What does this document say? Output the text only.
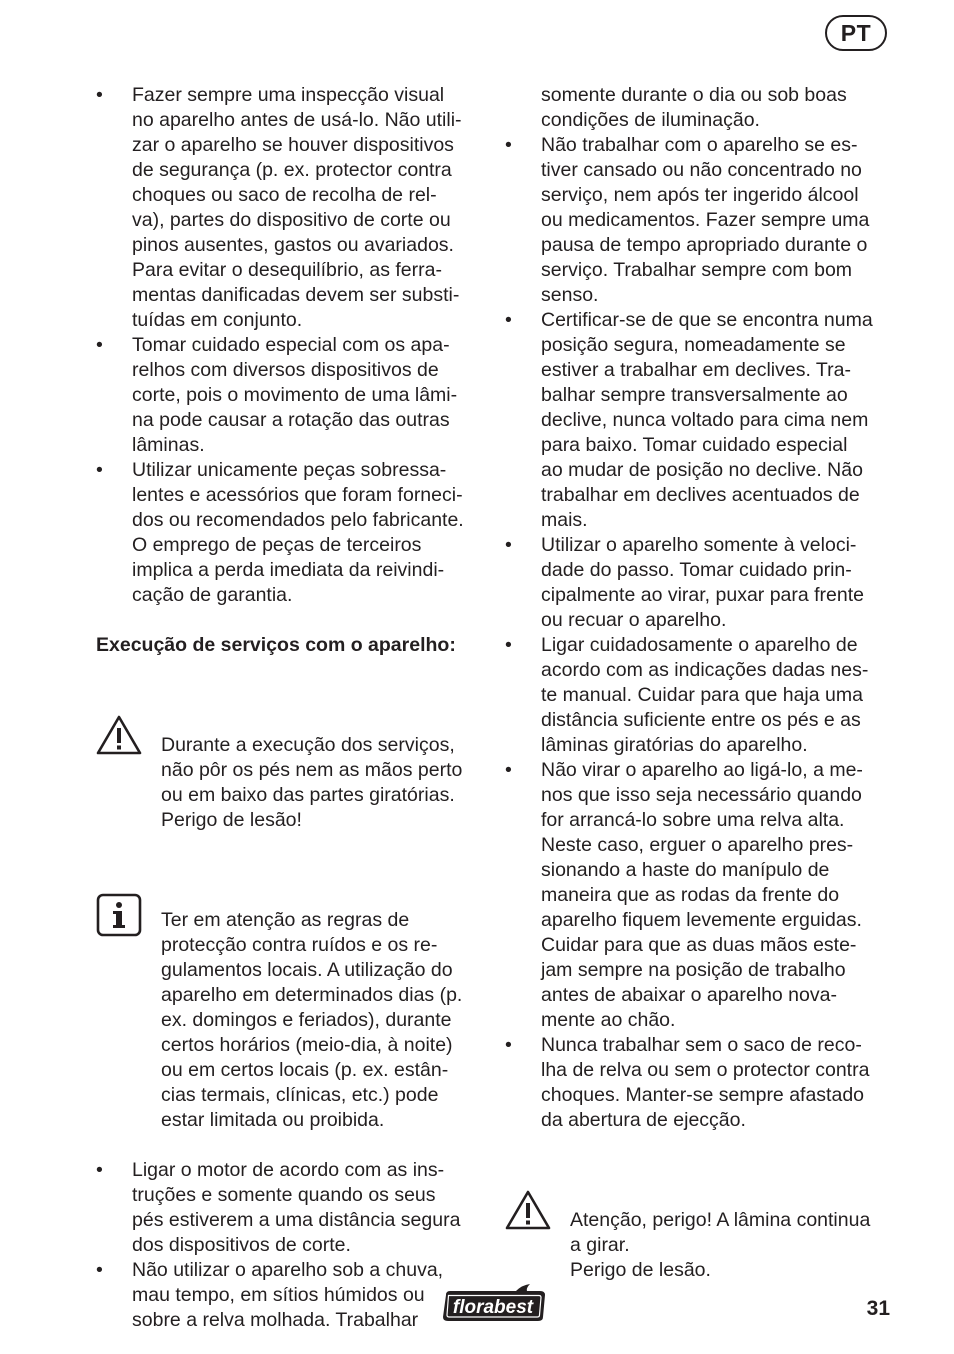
PT
• Fazer sempre uma inspecção visual
no aparelho antes de usá-lo. Não utili-
zar o aparelho se houver dispositivos
de segurança (p. ex. protector contra
choques ou saco de recolha de rel-
va), partes do dispositivo de corte ou
pinos ausentes, gastos ou avariados.
Para evitar o desequilíbrio, as ferra-
mentas danificadas devem ser substi-
tuídas em conjunto.
• Tomar cuidado especial com os apa-
relhos com diversos dispositivos de
corte, pois o movimento de uma lâmi-
na pode causar a rotação das outras
lâminas.
• Utilizar unicamente peças sobressa-
lentes e acessórios que foram forneci-
dos ou recomendados pelo fabricante.
O emprego de peças de terceiros
implica a perda imediata da reivindi-
cação de garantia.
Execução de serviços com o aparelho:

Durante a execução dos serviços,
não pôr os pés nem as mãos perto
ou em baixo das partes giratórias.
Perigo de lesão!

Ter em atenção as regras de
protecção contra ruídos e os re-
gulamentos locais. A utilização do
aparelho em determinados dias (p.
ex. domingos e feriados), durante
certos horários (meio-dia, à noite)
ou em certos locais (p. ex. estân-
cias termais, clínicas, etc.) pode
estar limitada ou proibida.

• Ligar o motor de acordo com as ins-
truções e somente quando os seus
pés estiverem a uma distância segura
dos dispositivos de corte.
• Não utilizar o aparelho sob a chuva,
mau tempo, em sítios húmidos ou
sobre a relva molhada. Trabalhar
somente durante o dia ou sob boas
condições de iluminação.
• Não trabalhar com o aparelho se es-
tiver cansado ou não concentrado no
serviço, nem após ter ingerido álcool
ou medicamentos. Fazer sempre uma
pausa de tempo apropriado durante o
serviço. Trabalhar sempre com bom
senso.
• Certificar-se de que se encontra numa
posição segura, nomeadamente se
estiver a trabalhar em declives. Tra-
balhar sempre transversalmente ao
declive, nunca voltado para cima nem
para baixo. Tomar cuidado especial
ao mudar de posição no declive. Não
trabalhar em declives acentuados de
mais.
• Utilizar o aparelho somente à veloci-
dade do passo. Tomar cuidado prin-
cipalmente ao virar, puxar para frente
ou recuar o aparelho.
• Ligar cuidadosamente o aparelho de
acordo com as indicações dadas nes-
te manual. Cuidar para que haja uma
distância suficiente entre os pés e as
lâminas giratórias do aparelho.
• Não virar o aparelho ao ligá-lo, a me-
nos que isso seja necessário quando
for arrancá-lo sobre uma relva alta.
Neste caso, erguer o aparelho pres-
sionando a haste do manípulo de
maneira que as rodas da frente do
aparelho fiquem levemente erguidas.
Cuidar para que as duas mãos este-
jam sempre na posição de trabalho
antes de abaixar o aparelho nova-
mente ao chão.
• Nunca trabalhar sem o saco de reco-
lha de relva ou sem o protector contra
choques. Manter-se sempre afastado
da abertura de ejecção.

Atenção, perigo! A lâmina continua
a girar.
Perigo de lesão.

florabest	31
